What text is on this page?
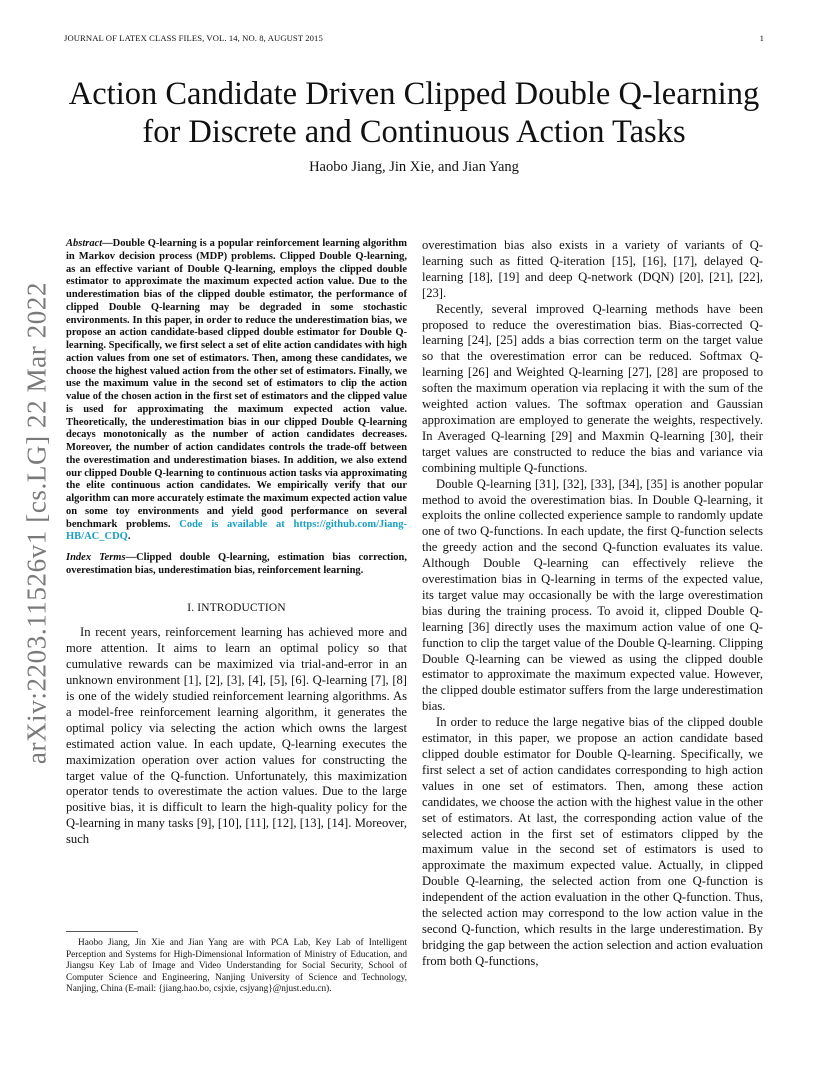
JOURNAL OF LATEX CLASS FILES, VOL. 14, NO. 8, AUGUST 2015	1
arXiv:2203.11526v1 [cs.LG] 22 Mar 2022
Action Candidate Driven Clipped Double Q-learning
for Discrete and Continuous Action Tasks
Haobo Jiang, Jin Xie, and Jian Yang
Abstract—Double Q-learning is a popular reinforcement learning algorithm in Markov decision process (MDP) problems. Clipped Double Q-learning, as an effective variant of Double Q-learning, employs the clipped double estimator to approximate the maximum expected action value. Due to the underestimation bias of the clipped double estimator, the performance of clipped Double Q-learning may be degraded in some stochastic environments. In this paper, in order to reduce the underestimation bias, we propose an action candidate-based clipped double estimator for Double Q-learning. Specifically, we first select a set of elite action candidates with high action values from one set of estimators. Then, among these candidates, we choose the highest valued action from the other set of estimators. Finally, we use the maximum value in the second set of estimators to clip the action value of the chosen action in the first set of estimators and the clipped value is used for approximating the maximum expected action value. Theoretically, the underestimation bias in our clipped Double Q-learning decays monotonically as the number of action candidates decreases. Moreover, the number of action candidates controls the trade-off between the overestimation and underestimation biases. In addition, we also extend our clipped Double Q-learning to continuous action tasks via approximating the elite continuous action candidates. We empirically verify that our algorithm can more accurately estimate the maximum expected action value on some toy environments and yield good performance on several benchmark problems. Code is available at https://github.com/Jiang-HB/AC_CDQ.
Index Terms—Clipped double Q-learning, estimation bias correction, overestimation bias, underestimation bias, reinforcement learning.
I. INTRODUCTION

In recent years, reinforcement learning has achieved more and more attention. It aims to learn an optimal policy so that cumulative rewards can be maximized via trial-and-error in an unknown environment [1], [2], [3], [4], [5], [6]. Q-learning [7], [8] is one of the widely studied reinforcement learning algorithms. As a model-free reinforcement learning algorithm, it generates the optimal policy via selecting the action which owns the largest estimated action value. In each update, Q-learning executes the maximization operation over action values for constructing the target value of the Q-function. Unfortunately, this maximization operator tends to overestimate the action values. Due to the large positive bias, it is difficult to learn the high-quality policy for the Q-learning in many tasks [9], [10], [11], [12], [13], [14]. Moreover, such

Haobo Jiang, Jin Xie and Jian Yang are with PCA Lab, Key Lab of Intelligent Perception and Systems for High-Dimensional Information of Ministry of Education, and Jiangsu Key Lab of Image and Video Understanding for Social Security, School of Computer Science and Engineering, Nanjing University of Science and Technology, Nanjing, China (E-mail: {jiang.hao.bo, csjxie, csjyang}@njust.edu.cn).

overestimation bias also exists in a variety of variants of Q-learning such as fitted Q-iteration [15], [16], [17], delayed Q-learning [18], [19] and deep Q-network (DQN) [20], [21], [22], [23].

Recently, several improved Q-learning methods have been proposed to reduce the overestimation bias. Bias-corrected Q-learning [24], [25] adds a bias correction term on the target value so that the overestimation error can be reduced. Softmax Q-learning [26] and Weighted Q-learning [27], [28] are proposed to soften the maximum operation via replacing it with the sum of the weighted action values. The softmax operation and Gaussian approximation are employed to generate the weights, respectively. In Averaged Q-learning [29] and Maxmin Q-learning [30], their target values are constructed to reduce the bias and variance via combining multiple Q-functions.

Double Q-learning [31], [32], [33], [34], [35] is another popular method to avoid the overestimation bias. In Double Q-learning, it exploits the online collected experience sample to randomly update one of two Q-functions. In each update, the first Q-function selects the greedy action and the second Q-function evaluates its value. Although Double Q-learning can effectively relieve the overestimation bias in Q-learning in terms of the expected value, its target value may occasionally be with the large overestimation bias during the training process. To avoid it, clipped Double Q-learning [36] directly uses the maximum action value of one Q-function to clip the target value of the Double Q-learning. Clipping Double Q-learning can be viewed as using the clipped double estimator to approximate the maximum expected value. However, the clipped double estimator suffers from the large underestimation bias.

In order to reduce the large negative bias of the clipped double estimator, in this paper, we propose an action candidate based clipped double estimator for Double Q-learning. Specifically, we first select a set of action candidates corresponding to high action values in one set of estimators. Then, among these action candidates, we choose the action with the highest value in the other set of estimators. At last, the corresponding action value of the selected action in the first set of estimators clipped by the maximum value in the second set of estimators is used to approximate the maximum expected value. Actually, in clipped Double Q-learning, the selected action from one Q-function is independent of the action evaluation in the other Q-function. Thus, the selected action may correspond to the low action value in the second Q-function, which results in the large underestimation. By bridging the gap between the action selection and action evaluation from both Q-functions,
